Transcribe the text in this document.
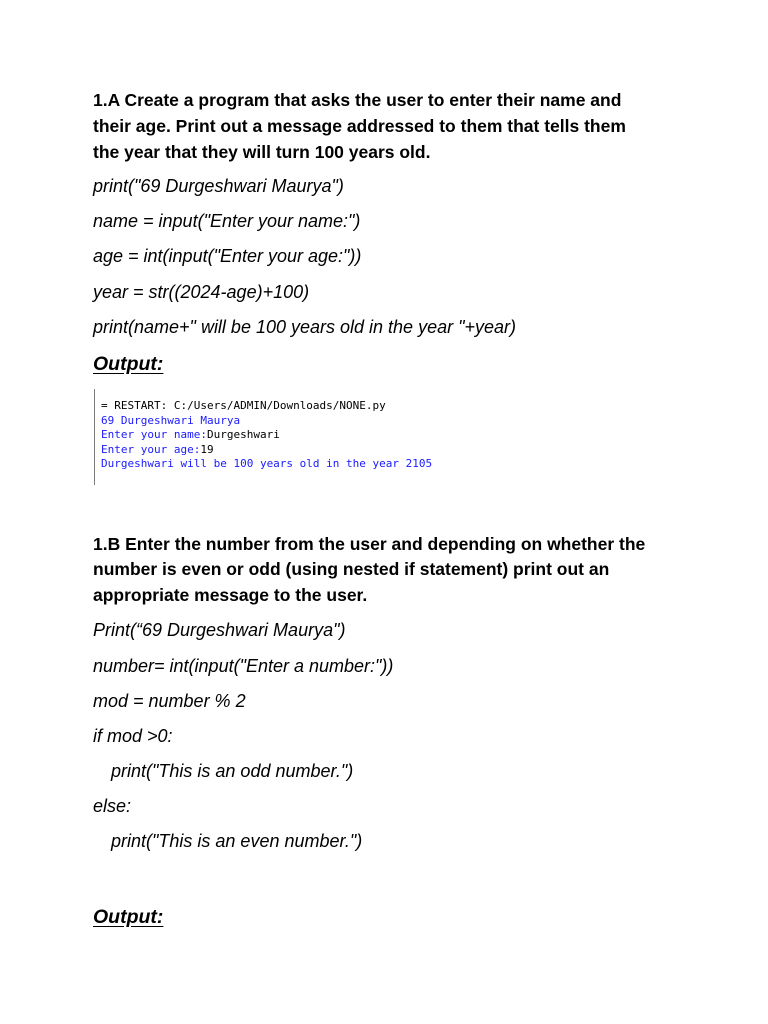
1.A Create a program that asks the user to enter their name and

their age. Print out a message addressed to them that tells them

the year that they will turn 100 years old.

print("69 Durgeshwari Maurya")

name = input("Enter your name:")

age = int(input("Enter your age:"))

year = str((2024-age)+100)

print(name+" will be 100 years old in the year "+year)

Output:

= RESTART: C:/Users/ADMIN/Downloads/NONE.py

69 Durgeshwari Maurya

Enter your name:Durgeshwari

Enter your age:19

Durgeshwari will be 100 years old in the year 2105

1.B Enter the number from the user and depending on whether the

number is even or odd (using nested if statement) print out an

appropriate message to the user.

Print(“69 Durgeshwari Maurya")

number= int(input("Enter a number:"))

mod = number % 2

if mod >0:

print("This is an odd number.")

else:

print("This is an even number.")

Output:
